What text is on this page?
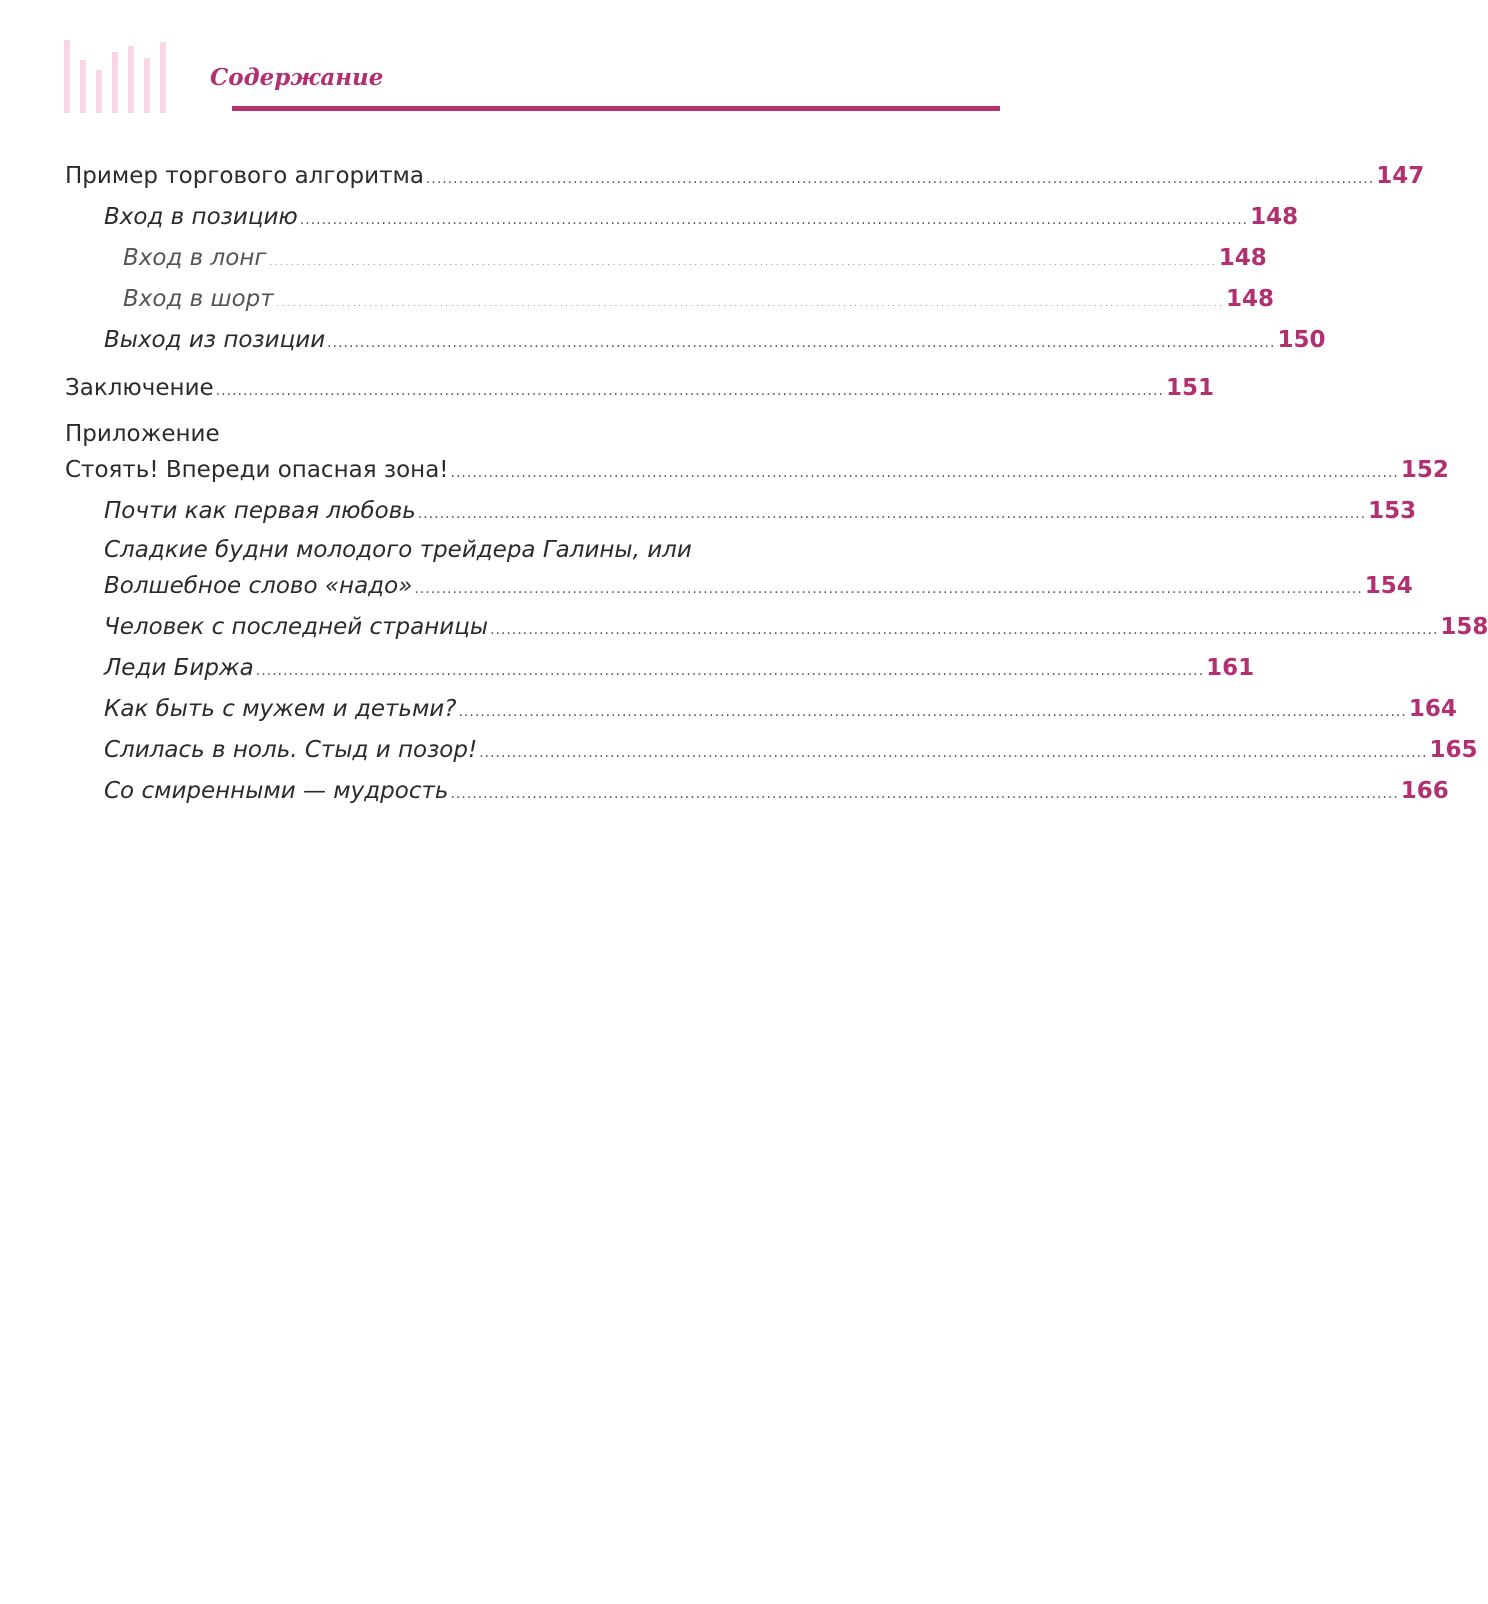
Содержание
Пример торгового алгоритма .............................................................................................................................................................................. 147
Вход в позицию .............................................................................................................................................................................. 148
Вход в лонг .............................................................................................................................................................................. 148
Вход в шорт .............................................................................................................................................................................. 148
Выход из позиции .............................................................................................................................................................................. 150
Заключение .............................................................................................................................................................................. 151
Приложение
Стоять! Впереди опасная зона! .............................................................................................................................................................................. 152
Почти как первая любовь .............................................................................................................................................................................. 153
Сладкие будни молодого трейдера Галины, или
Волшебное слово «надо» .............................................................................................................................................................................. 154
Человек с последней страницы .............................................................................................................................................................................. 158
Леди Биржа .............................................................................................................................................................................. 161
Как быть с мужем и детьми? .............................................................................................................................................................................. 164
Слилась в ноль. Стыд и позор! .............................................................................................................................................................................. 165
Со смиренными — мудрость .............................................................................................................................................................................. 166
